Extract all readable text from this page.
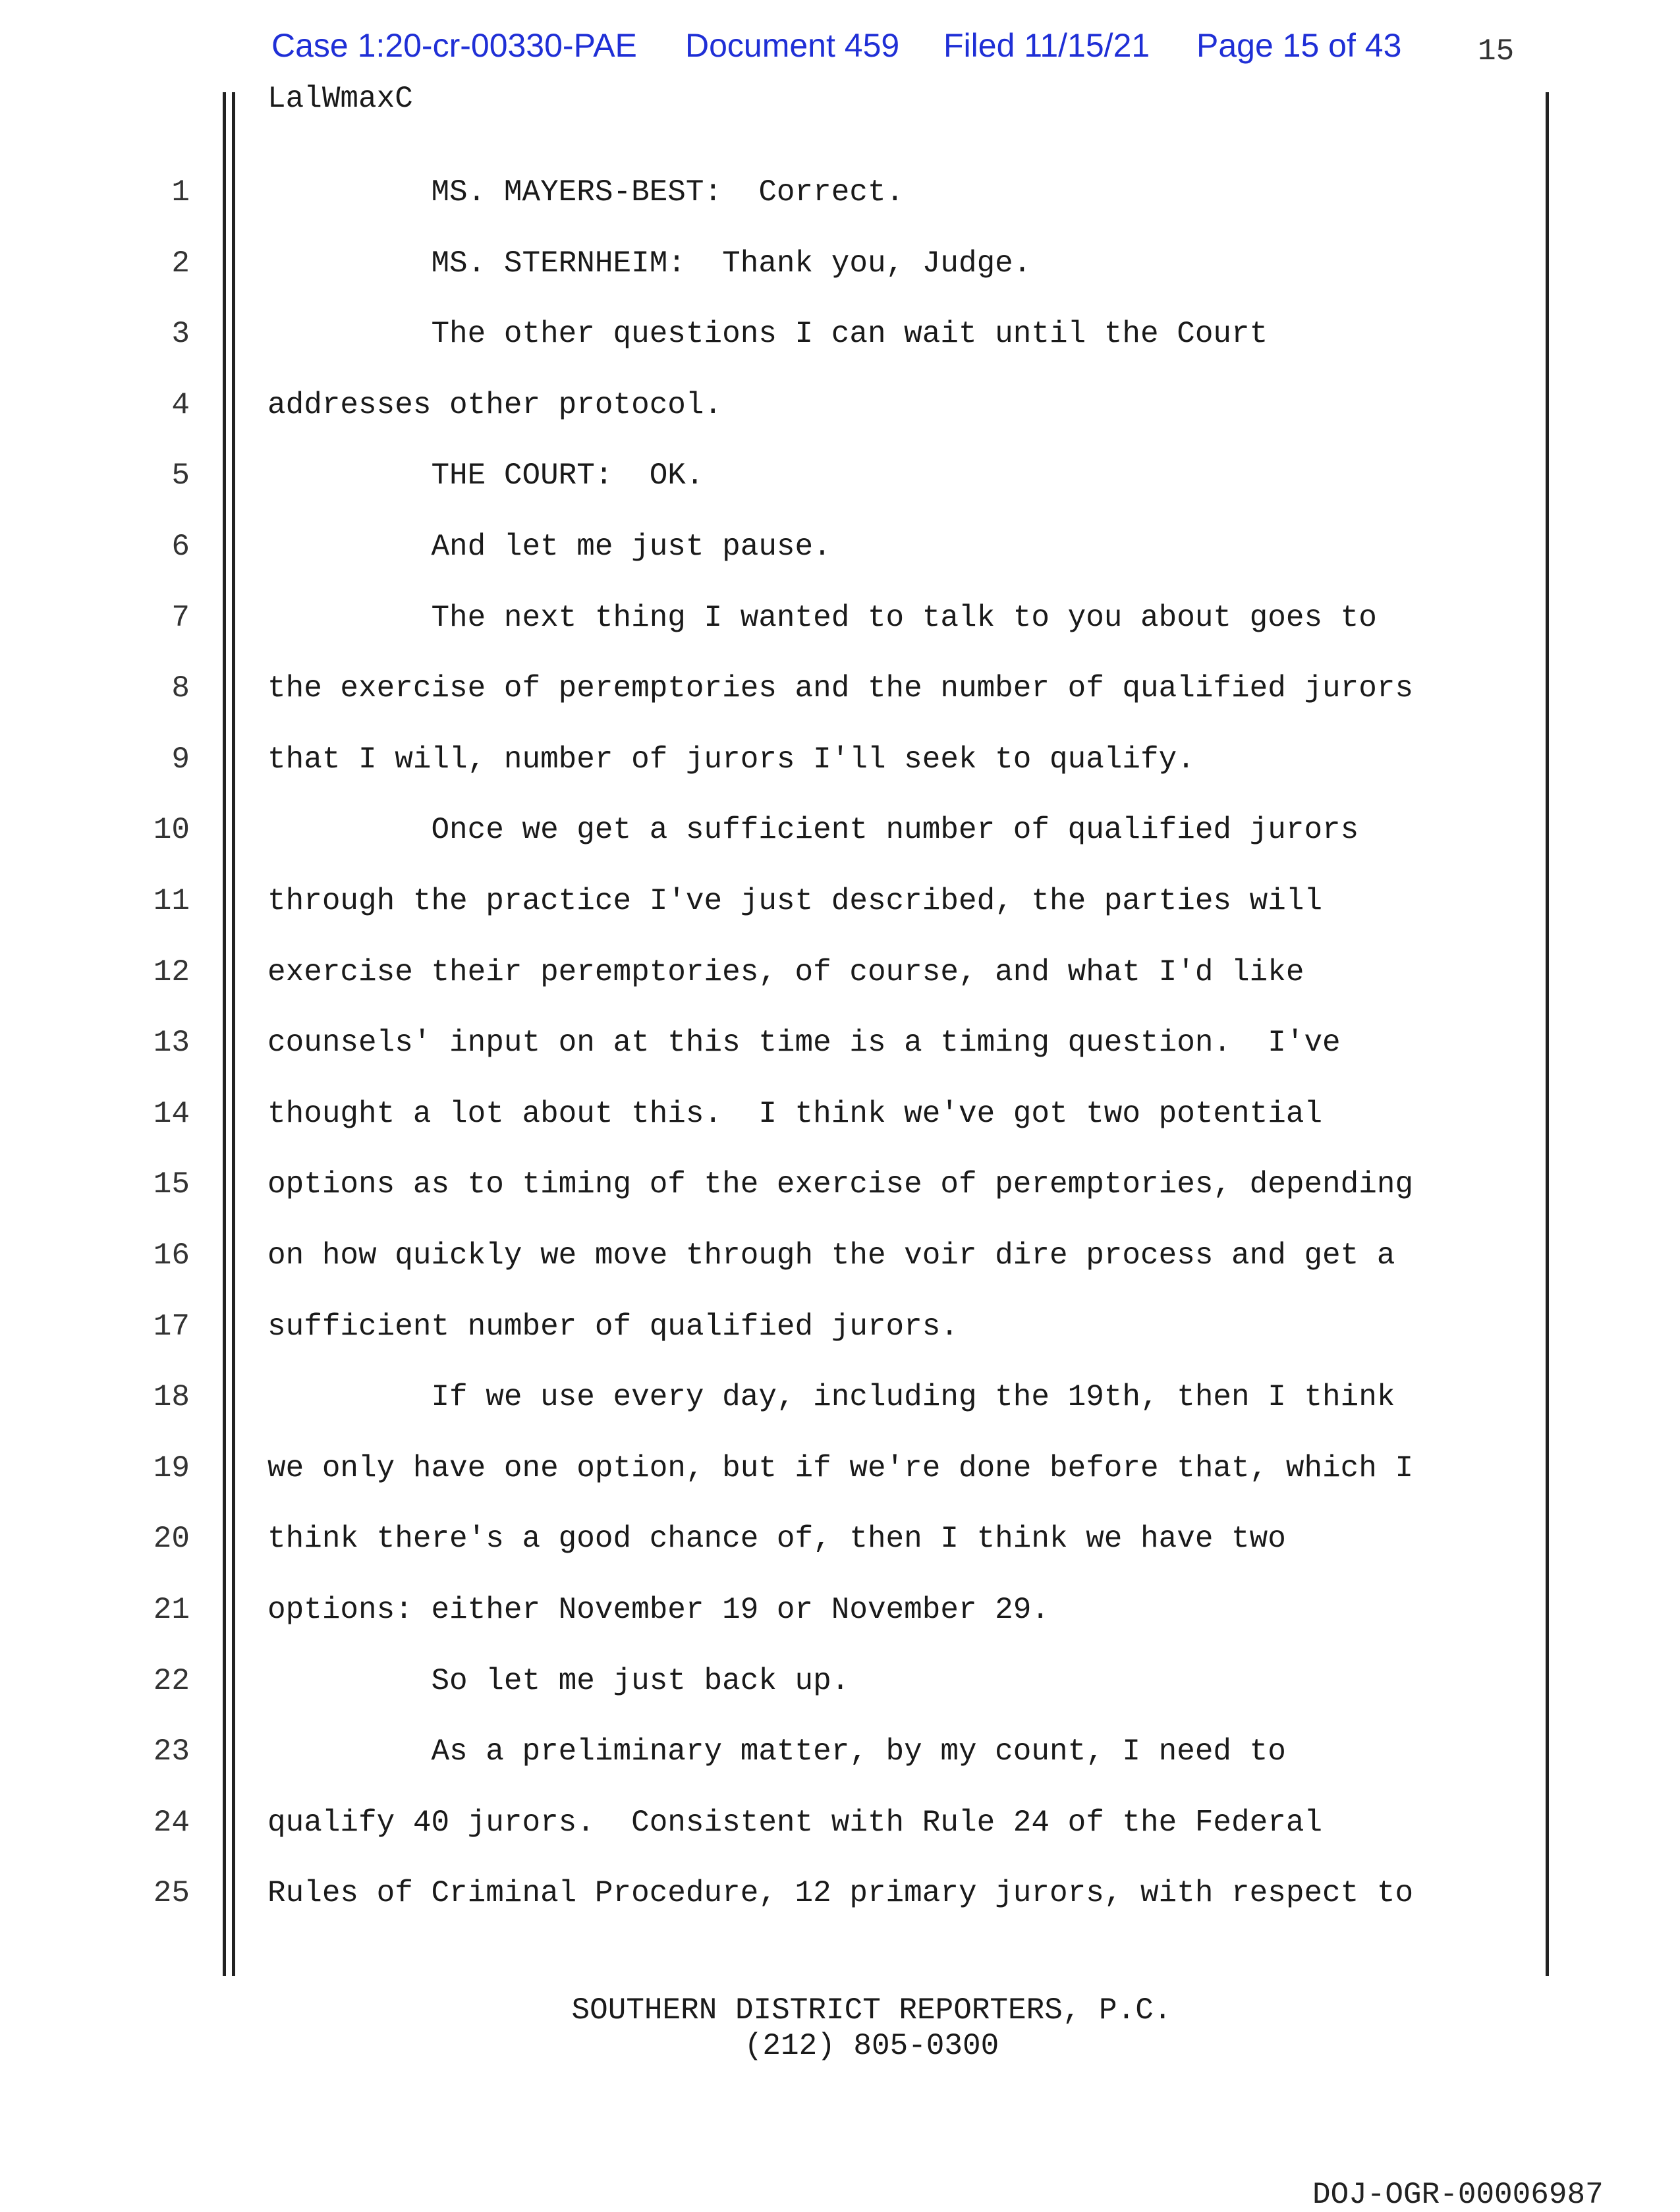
Case 1:20-cr-00330-PAE Document 459 Filed 11/15/21 Page 15 of 43	15
LalWmaxC
1	MS. MAYERS-BEST:  Correct.
2	MS. STERNHEIM:  Thank you, Judge.
3	The other questions I can wait until the Court
4	addresses other protocol.
5	THE COURT:  OK.
6	And let me just pause.
7	The next thing I wanted to talk to you about goes to
8	the exercise of peremptories and the number of qualified jurors
9	that I will, number of jurors I'll seek to qualify.
10	Once we get a sufficient number of qualified jurors
11	through the practice I've just described, the parties will
12	exercise their peremptories, of course, and what I'd like
13	counsels' input on at this time is a timing question.  I've
14	thought a lot about this.  I think we've got two potential
15	options as to timing of the exercise of peremptories, depending
16	on how quickly we move through the voir dire process and get a
17	sufficient number of qualified jurors.
18	If we use every day, including the 19th, then I think
19	we only have one option, but if we're done before that, which I
20	think there's a good chance of, then I think we have two
21	options: either November 19 or November 29.
22	So let me just back up.
23	As a preliminary matter, by my count, I need to
24	qualify 40 jurors.  Consistent with Rule 24 of the Federal
25	Rules of Criminal Procedure, 12 primary jurors, with respect to
SOUTHERN DISTRICT REPORTERS, P.C.
(212) 805-0300
DOJ-OGR-00006987
